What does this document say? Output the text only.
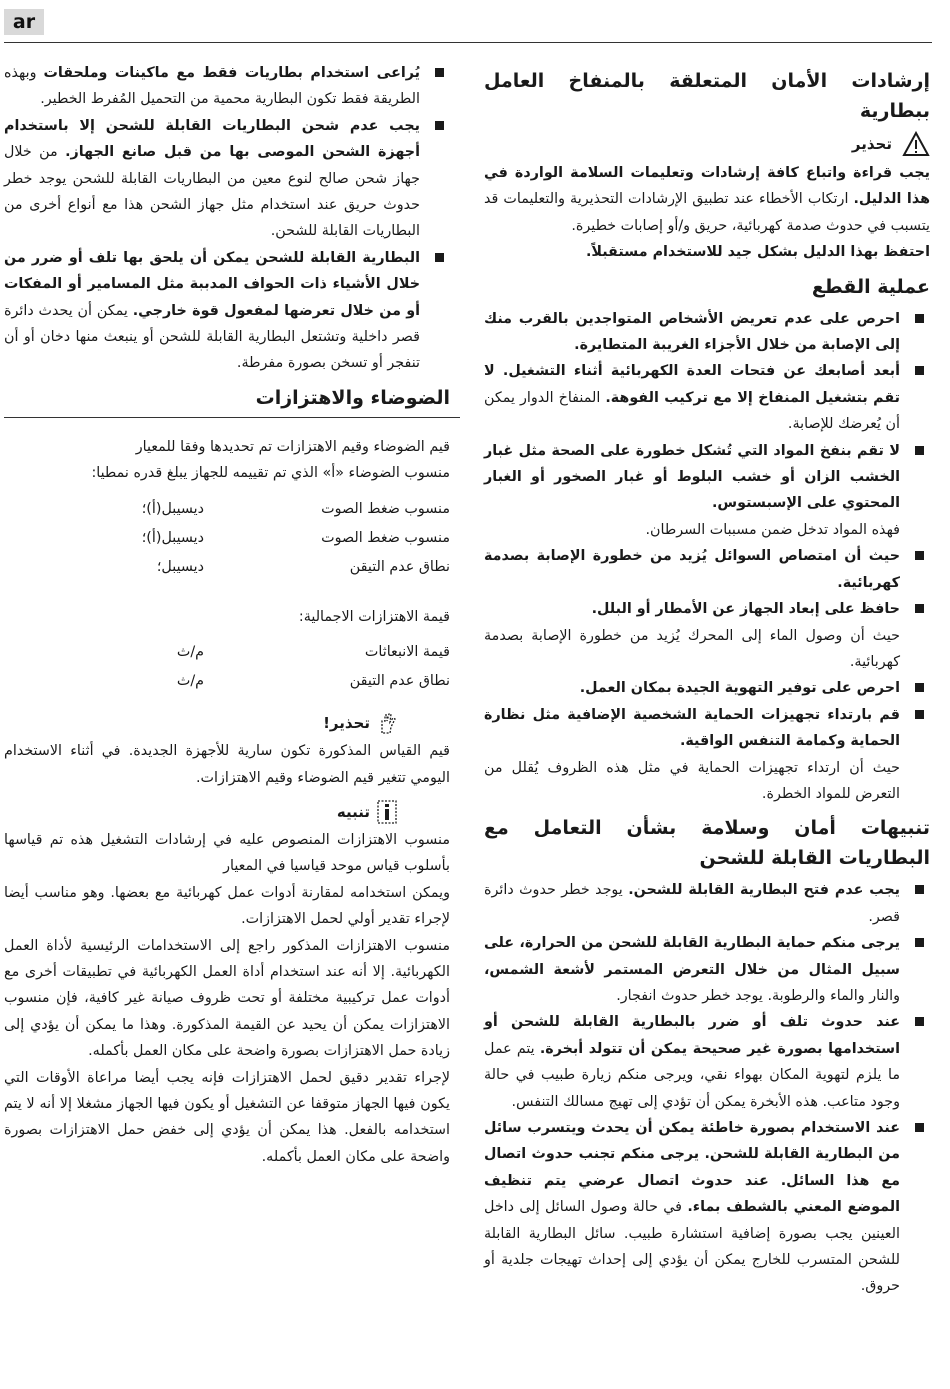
ar
إرشادات الأمان المتعلقة بالمنفاخ العامل ببطارية
تحذير

يجب قراءة واتباع كافة إرشادات وتعليمات السلامة الواردة في هذا الدليل. ارتكاب الأخطاء عند تطبيق الإرشادات التحذيرية والتعليمات قد يتسبب في حدوث صدمة كهربائية، حريق و/أو إصابات خطيرة.

احتفظ بهذا الدليل بشكل جيد للاستخدام مستقبلاً.

عملية القطع

احرص على عدم تعريض الأشخاص المتواجدين بالقرب منك إلى الإصابة من خلال الأجزاء الغريبة المتطايرة.

أبعد أصابعك عن فتحات العدة الكهربائية أثناء التشغيل. لا تقم بتشغيل المنفاخ إلا مع تركيب الفوهة. المنفاخ الدوار يمكن أن يُعرضك للإصابة.

لا تقم بنفخ المواد التي تُشكل خطورة على الصحة مثل غبار الخشب الزان أو خشب البلوط أو غبار الصخور أو الغبار المحتوي على الإسبستوس.

فهذه المواد تدخل ضمن مسببات السرطان.

حيث أن امتصاص السوائل يُزيد من خطورة الإصابة بصدمة كهربائية.

حافظ على إبعاد الجهاز عن الأمطار أو البلل.

حيث أن وصول الماء إلى المحرك يُزيد من خطورة الإصابة بصدمة كهربائية.

احرص على توفير التهوية الجيدة بمكان العمل.

قم بارتداء تجهيزات الحماية الشخصية الإضافية مثل نظارة الحماية وكمامة التنفس الواقية.

حيث أن ارتداء تجهيزات الحماية في مثل هذه الظروف يُقلل من التعرض للمواد الخطرة.

تنبيهات أمان وسلامة بشأن التعامل مع البطاريات القابلة للشحن

يجب عدم فتح البطارية القابلة للشحن. يوجد خطر حدوث دائرة قصر.

يرجى منكم حماية البطارية القابلة للشحن من الحرارة، على سبيل المثال من خلال التعرض المستمر لأشعة الشمس، والنار والماء والرطوبة. يوجد خطر حدوث انفجار.

عند حدوث تلف أو ضرر بالبطارية القابلة للشحن أو استخدامها بصورة غير صحيحة يمكن أن تتولد أبخرة. يتم عمل ما يلزم لتهوية المكان بهواء نقي، ويرجى منكم زيارة طبيب في حالة وجود متاعب. هذه الأبخرة يمكن أن تؤدي إلى تهيج مسالك التنفس.

عند الاستخدام بصورة خاطئة يمكن أن يحدث ويتسرب سائل من البطارية القابلة للشحن. يرجى منكم تجنب حدوث اتصال مع هذا السائل. عند حدوث اتصال عرضي يتم تنظيف الموضع المعني بالشطف بماء. في حالة وصول السائل إلى داخل العينين يجب بصورة إضافية استشارة طبيب. سائل البطارية القابلة للشحن المتسرب للخارج يمكن أن يؤدي إلى إحداث تهيجات جلدية أو حروق.

يُراعى استخدام بطاريات فقط مع ماكينات وملحقات وبهذه الطريقة فقط تكون البطارية محمية من التحميل المُفرط الخطير.

يجب عدم شحن البطاريات القابلة للشحن إلا باستخدام أجهزة الشحن الموصى بها من قبل صانع الجهاز. من خلال جهاز شحن صالح لنوع معين من البطاريات القابلة للشحن يوجد خطر حدوث حريق عند استخدام مثل جهاز الشحن هذا مع أنواع أخرى من البطاريات القابلة للشحن.

البطارية القابلة للشحن يمكن أن يلحق بها تلف أو ضرر من خلال الأشياء ذات الحواف المدببة مثل المسامير أو المفكات أو من خلال تعرضها لمفعول قوة خارجي. يمكن أن يحدث دائرة قصر داخلية وتشتعل البطارية القابلة للشحن أو ينبعث منها دخان أو أن تنفجر أو تسخن بصورة مفرطة.

الضوضاء والاهتزازات

قيم الضوضاء وقيم الاهتزازات تم تحديدها وفقا للمعيار

منسوب الضوضاء «أ» الذي تم تقييمه للجهاز يبلغ قدره نمطيا:

منسوب ضغط الصوت
ديسيبل(أ)؛
منسوب ضغط الصوت
ديسيبل(أ)؛
نطاق عدم التيقن
ديسيبل؛

قيمة الاهتزازات الاجمالية:

قيمة الانبعاثات
م/ث
نطاق عدم التيقن
م/ث
تحذير!

قيم القياس المذكورة تكون سارية للأجهزة الجديدة. في أثناء الاستخدام اليومي تتغير قيم الضوضاء وقيم الاهتزازات.

تنبيه

منسوب الاهتزازات المنصوص عليه في إرشادات التشغيل هذه تم قياسها بأسلوب قياس موحد قياسيا في المعيار

ويمكن استخدامه لمقارنة أدوات عمل كهربائية مع بعضها. وهو مناسب أيضا لإجراء تقدير أولي لحمل الاهتزازات.

منسوب الاهتزازات المذكور راجع إلى الاستخدامات الرئيسية لأداة العمل الكهربائية. إلا أنه عند استخدام أداة العمل الكهربائية في تطبيقات أخرى مع أدوات عمل تركيبية مختلفة أو تحت ظروف صيانة غير كافية، فإن منسوب الاهتزازات يمكن أن يحيد عن القيمة المذكورة. وهذا ما يمكن أن يؤدي إلى زيادة حمل الاهتزازات بصورة واضحة على مكان العمل بأكمله.

لإجراء تقدير دقيق لحمل الاهتزازات فإنه يجب أيضا مراعاة الأوقات التي يكون فيها الجهاز متوقفا عن التشغيل أو يكون فيها الجهاز مشغلا إلا أنه لا يتم استخدامه بالفعل. هذا يمكن أن يؤدي إلى خفض حمل الاهتزازات بصورة واضحة على مكان العمل بأكمله.
